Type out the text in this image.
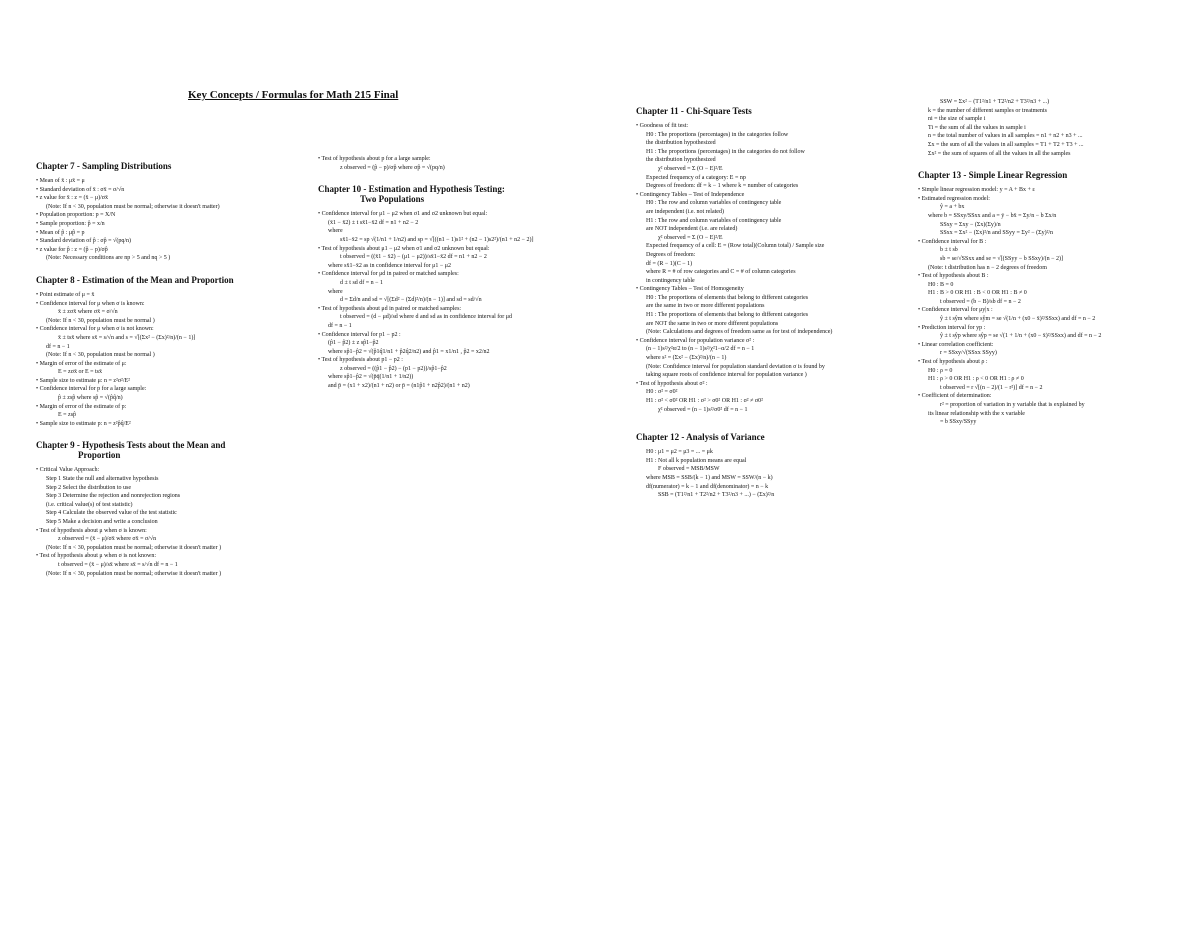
Key Concepts / Formulas for Math 215 Final
Chapter 7 - Sampling Distributions
• Mean of x̄ : μx̄ = μ
• Standard deviation of x̄ : σx̄ = σ/√n
• z value for x̄ : z = (x̄ − μ)/σx̄
(Note: If n < 30, population must be normal; otherwise it doesn't matter)
• Population proportion: p = X/N
• Sample proportion: p̂ = x/n
• Mean of p̂ : μp̂ = p
• Standard deviation of p̂ : σp̂ = √(pq/n)
• z value for p̂ : z = (p̂ − p)/σp̂
(Note: Necessary conditions are np > 5 and nq > 5 )
Chapter 8 - Estimation of the Mean and Proportion
• Point estimate of μ = x̄
• Confidence interval for μ when σ is known:
x̄ ± zσx̄ where σx̄ = σ/√n
(Note: If n < 30, population must be normal )
• Confidence interval for μ when σ is not known:
x̄ ± tsx̄ where sx̄ = s/√n and s = √[(Σx² − (Σx)²/n)/(n − 1)]
df = n − 1
(Note: If n < 30, population must be normal )
• Margin of error of the estimate of μ:
E = zσx̄ or E = tsx̄
• Sample size to estimate μ: n = z²σ²/E²
• Confidence interval for p for a large sample:
p̂ ± zsp̂ where sp̂ = √(p̂q̂/n)
• Margin of error of the estimate of p:
E = zsp̂
• Sample size to estimate p: n = z²p̂q̂/E²
Chapter 9 - Hypothesis Tests about the Mean and
Proportion
• Critical Value Approach:
Step 1 State the null and alternative hypothesis
Step 2 Select the distribution to use
Step 3 Determine the rejection and nonrejection regions
(i.e. critical value(s) of test statistic)
Step 4 Calculate the observed value of the test statistic
Step 5 Make a decision and write a conclusion
• Test of hypothesis about μ when σ is known:
z observed = (x̄ − μ)/σx̄ where σx̄ = σ/√n
(Note: If n < 30, population must be normal; otherwise it doesn't matter )
• Test of hypothesis about μ when σ is not known:
t observed = (x̄ − μ)/sx̄ where sx̄ = s/√n df = n − 1
(Note: If n < 30, population must be normal; otherwise it doesn't matter )
• Test of hypothesis about p for a large sample:
z observed = (p̂ − p)/σp̂ where σp̂ = √(pq/n)
Chapter 10 - Estimation and Hypothesis Testing:
Two Populations
• Confidence interval for μ1 − μ2 when σ1 and σ2 unknown but equal:
(x̄1 − x̄2) ± t sx̄1−x̄2 df = n1 + n2 − 2
where
sx̄1−x̄2 = sp √(1/n1 + 1/n2) and sp = √[((n1 − 1)s1² + (n2 − 1)s2²)/(n1 + n2 − 2)]
• Test of hypothesis about μ1 − μ2 when σ1 and σ2 unknown but equal:
t observed = ((x̄1 − x̄2) − (μ1 − μ2))/sx̄1−x̄2 df = n1 + n2 − 2
where sx̄1−x̄2 as in confidence interval for μ1 − μ2
• Confidence interval for μd in paired or matched samples:
d̄ ± t sd̄ df = n − 1
where
d̄ = Σd/n and sd = √[(Σd² − (Σd)²/n)/(n − 1)] and sd̄ = sd/√n
• Test of hypothesis about μd in paired or matched samples:
t observed = (d̄ − μd)/sd̄ where d̄ and sd̄ as in confidence interval for μd
df = n − 1
• Confidence interval for p1 − p2 :
(p̂1 − p̂2) ± z sp̂1−p̂2
where sp̂1−p̂2 = √(p̂1q̂1/n1 + p̂2q̂2/n2) and p̂1 = x1/n1 , p̂2 = x2/n2
• Test of hypothesis about p1 − p2 :
z observed = ((p̂1 − p̂2) − (p1 − p2))/sp̂1−p̂2
where sp̂1−p̂2 = √(p̄q̄(1/n1 + 1/n2))
and p̄ = (x1 + x2)/(n1 + n2) or p̄ = (n1p̂1 + n2p̂2)/(n1 + n2)
Chapter 11 - Chi-Square Tests
• Goodness of fit test:
H0 : The proportions (percentages) in the categories follow
the distribution hypothesized
H1 : The proportions (percentages) in the categories do not follow
the distribution hypothesized
χ² observed = Σ (O − E)²/E
Expected frequency of a category: E = np
Degrees of freedom: df = k − 1 where k = number of categories
• Contingency Tables – Test of Independence
H0 : The row and column variables of contingency table
are independent (i.e. not related)
H1 : The row and column variables of contingency table
are NOT independent (i.e. are related)
χ² observed = Σ (O − E)²/E
Expected frequency of a cell: E = (Row total)(Column total) / Sample size
Degrees of freedom:
df = (R − 1)(C − 1)
where R = # of row categories and C = # of column categories
in contingency table
• Contingency Tables – Test of Homogeneity
H0 : The proportions of elements that belong to different categories
are the same in two or more different populations
H1 : The proportions of elements that belong to different categories
are NOT the same in two or more different populations
(Note: Calculations and degrees of freedom same as for test of independence)
• Confidence interval for population variance σ² :
(n − 1)s²/χ²α/2 to (n − 1)s²/χ²1−α/2 df = n − 1
where s² = (Σx² − (Σx)²/n)/(n − 1)
(Note: Confidence interval for population standard deviation σ is found by
taking square roots of confidence interval for population variance )
• Test of hypothesis about σ² :
H0 : σ² = σ0²
H1 : σ² < σ0² OR H1 : σ² > σ0² OR H1 : σ² ≠ σ0²
χ² observed = (n − 1)s²/σ0² df = n − 1
Chapter 12 - Analysis of Variance
H0 : μ1 = μ2 = μ3 = ... = μk
H1 : Not all k population means are equal
F observed = MSB/MSW
where MSB = SSB/(k − 1) and MSW = SSW/(n − k)
df(numerator) = k − 1 and df(denominator) = n − k
SSB = (T1²/n1 + T2²/n2 + T3²/n3 + ...) − (Σx)²/n
SSW = Σx² − (T1²/n1 + T2²/n2 + T3²/n3 + ...)
k = the number of different samples or treatments
ni = the size of sample i
Ti = the sum of all the values in sample i
n = the total number of values in all samples = n1 + n2 + n3 + ...
Σx = the sum of all the values in all samples = T1 + T2 + T3 + ...
Σx² = the sum of squares of all the values in all the samples
Chapter 13 - Simple Linear Regression
• Simple linear regression model: y = A + Bx + ε
• Estimated regression model:
ŷ = a + bx
where b = SSxy/SSxx and a = ȳ − bx̄ = Σy/n − b Σx/n
SSxy = Σxy − (Σx)(Σy)/n
SSxx = Σx² − (Σx)²/n and SSyy = Σy² − (Σy)²/n
• Confidence interval for B :
b ± t sb
sb = se/√SSxx and se = √[(SSyy − b SSxy)/(n − 2)]
(Note: t distribution has n − 2 degrees of freedom
• Test of hypothesis about B :
H0 : B = 0
H1 : B > 0 OR H1 : B < 0 OR H1 : B ≠ 0
t observed = (b − B)/sb df = n − 2
• Confidence interval for μy|x :
ŷ ± t sŷm where sŷm = se √(1/n + (x0 − x̄)²/SSxx) and df = n − 2
• Prediction interval for yp :
ŷ ± t sŷp where sŷp = se √(1 + 1/n + (x0 − x̄)²/SSxx) and df = n − 2
• Linear correlation coefficient:
r = SSxy/√(SSxx SSyy)
• Test of hypothesis about ρ :
H0 : ρ = 0
H1 : ρ > 0 OR H1 : ρ < 0 OR H1 : ρ ≠ 0
t observed = r √[(n − 2)/(1 − r²)] df = n − 2
• Coefficient of determination:
r² = proportion of variation in y variable that is explained by
its linear relationship with the x variable
= b SSxy/SSyy
